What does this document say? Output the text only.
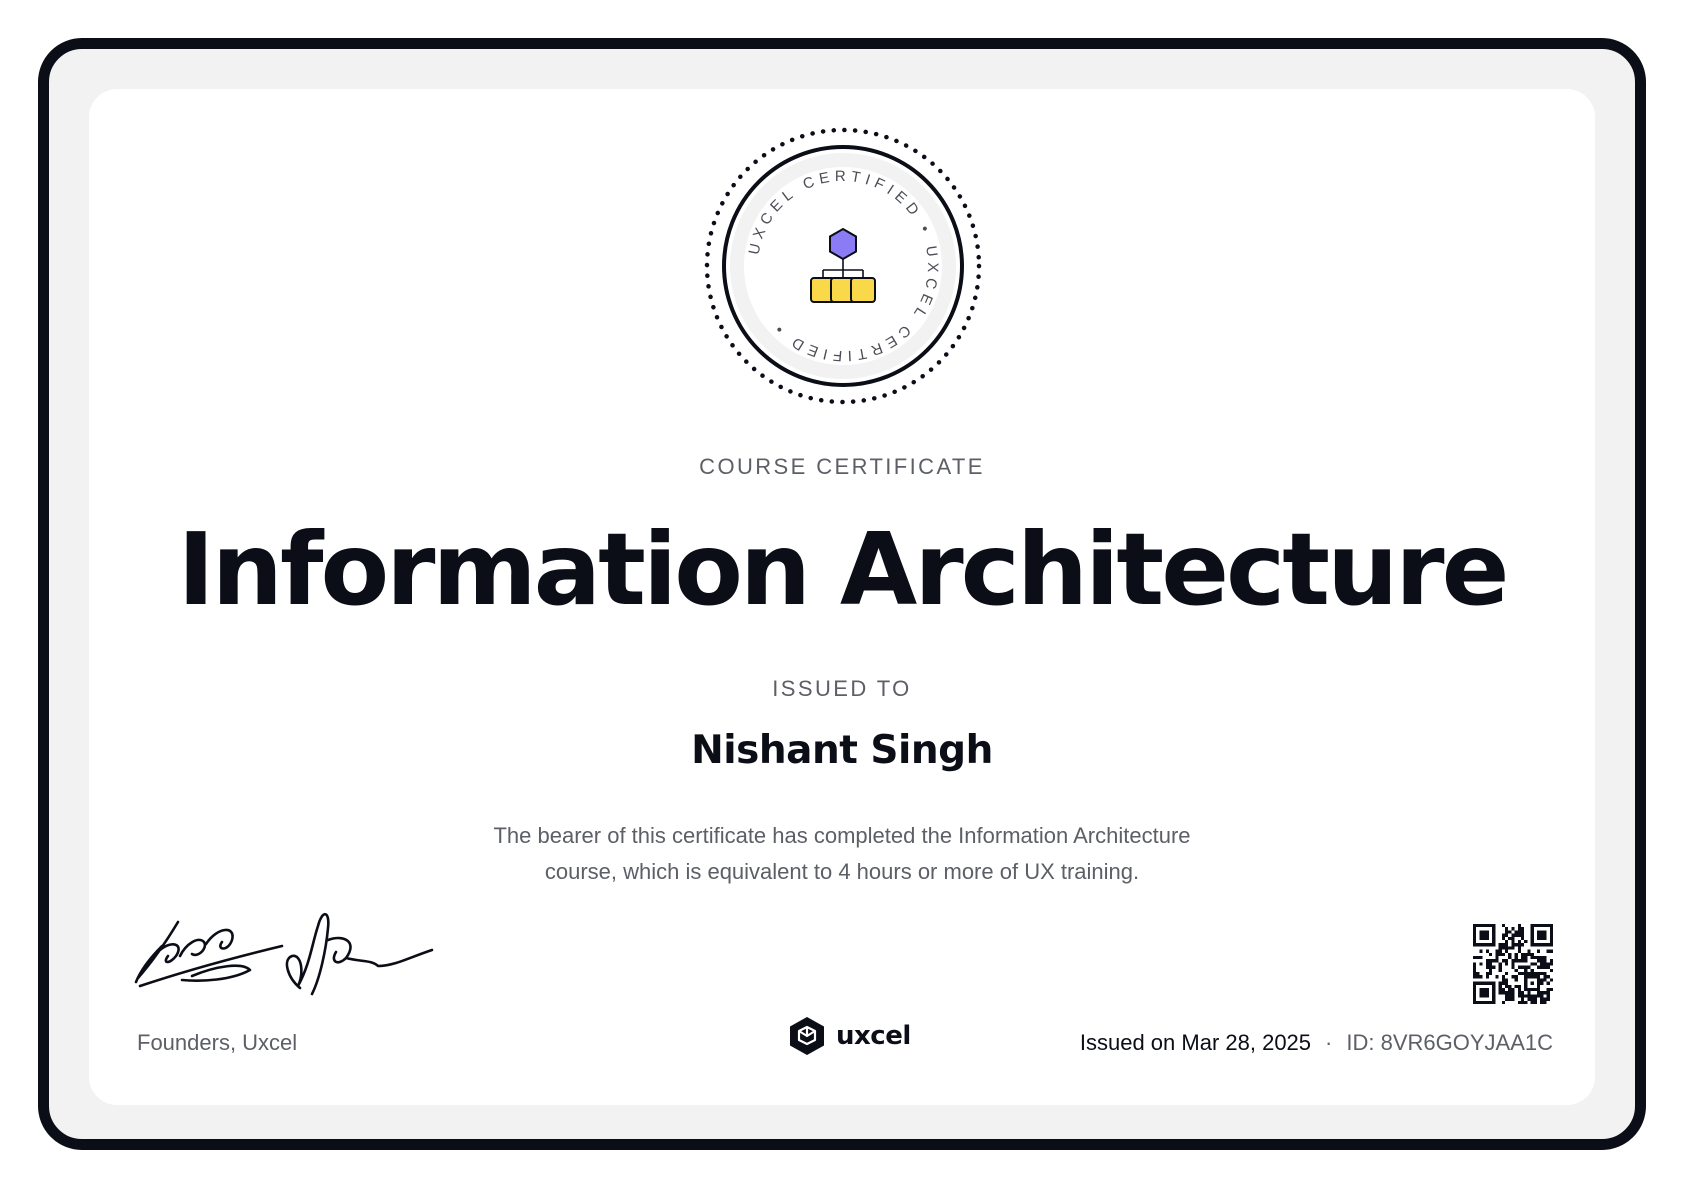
UXCEL CERTIFIED • UXCEL CERTIFIED •
COURSE CERTIFICATE
Information Architecture
ISSUED TO
Nishant Singh
The bearer of this certificate has completed the Information Architecture
course, which is equivalent to 4 hours or more of UX training.
Founders, Uxcel	uxcel	Issued on Mar 28, 2025 · ID: 8VR6GOYJAA1C
